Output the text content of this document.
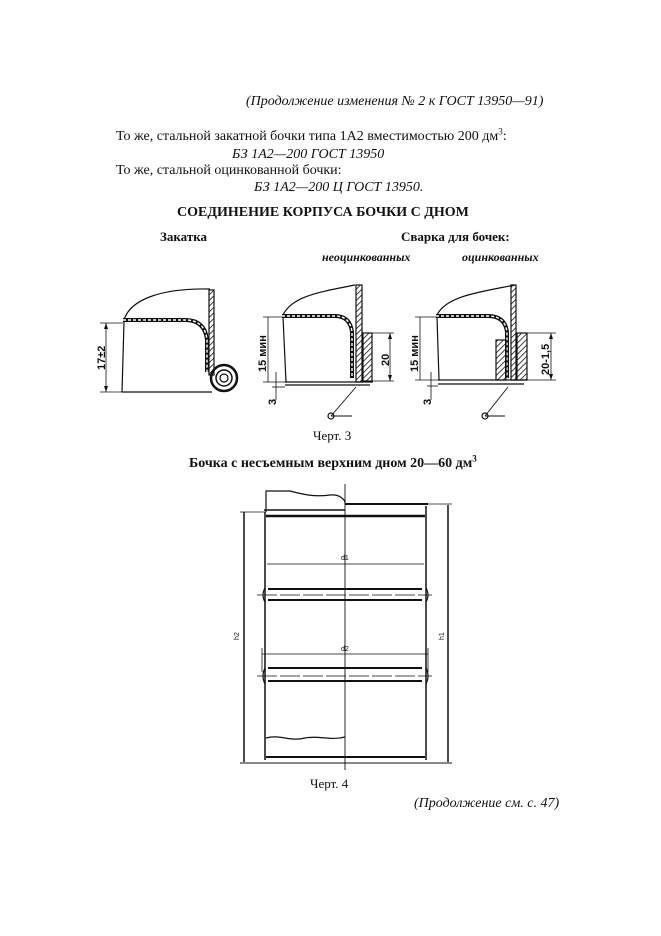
(Продолжение изменения № 2 к ГОСТ 13950—91)
То же, стальной закатной бочки типа 1А2 вместимостью 200 $дм^3$:
БЗ 1А2—200 ГОСТ 13950
То же, стальной оцинкованной бочки:
БЗ 1А2—200 Ц ГОСТ 13950.
СОЕДИНЕНИЕ КОРПУСА БОЧКИ С ДНОМ
Закатка	Сварка для бочек:
неоцинкованных	оцинкованных
17±2	15 мин
3
20 15 мин
3
20-1,5
d1
d2
h2	h1
Черт. 3
Бочка с несъемным верхним дном 20—60 $дм^3$
Черт. 4
(Продолжение см. с. 47)
